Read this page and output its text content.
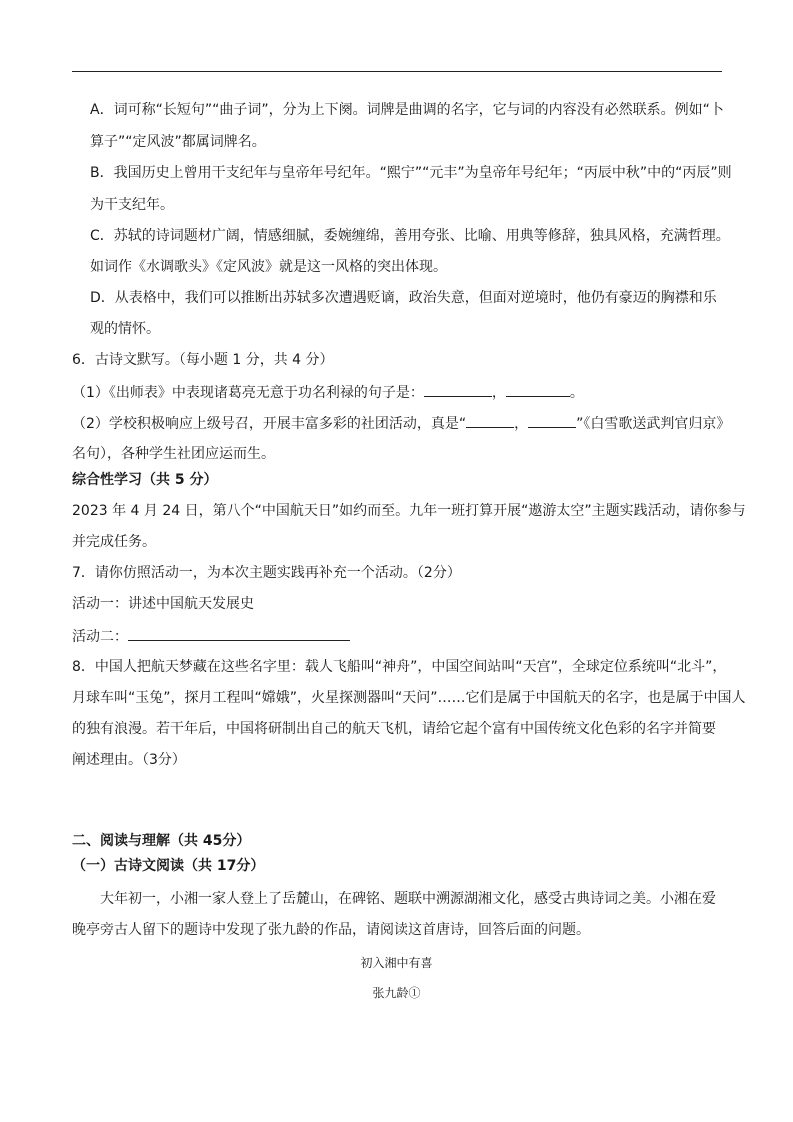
A．词可称“长短句”“曲子词”，分为上下阕。词牌是曲调的名字，它与词的内容没有必然联系。例如“卜
算子”“定风波”都属词牌名。
B．我国历史上曾用干支纪年与皇帝年号纪年。“熙宁”“元丰”为皇帝年号纪年；“丙辰中秋”中的“丙辰”则
为干支纪年。
C．苏轼的诗词题材广阔，情感细腻，委婉缠绵，善用夸张、比喻、用典等修辞，独具风格，充满哲理。
如词作《水调歌头》《定风波》就是这一风格的突出体现。
D．从表格中，我们可以推断出苏轼多次遭遇贬谪，政治失意，但面对逆境时，他仍有豪迈的胸襟和乐
观的情怀。
6．古诗文默写。（每小题 1 分，共 4 分）
（1）《出师表》中表现诸葛亮无意于功名利禄的句子是：	，	。
（2）学校积极响应上级号召，开展丰富多彩的社团活动，真是“	，	”《白雪歌送武判官归京》
名句），各种学生社团应运而生。
综合性学习（共 5 分）
2023 年 4 月 24 日，第八个“中国航天日”如约而至。九年一班打算开展“遨游太空”主题实践活动，请你参与
并完成任务。
7．请你仿照活动一，为本次主题实践再补充一个活动。（2分）
活动一：讲述中国航天发展史
活动二：
8．中国人把航天梦藏在这些名字里：载人飞船叫“神舟”，中国空间站叫“天宫”，全球定位系统叫“北斗”，
月球车叫“玉兔”，探月工程叫“嫦娥”，火星探测器叫“天问”……它们是属于中国航天的名字，也是属于中国人
的独有浪漫。若干年后，中国将研制出自己的航天飞机，请给它起个富有中国传统文化色彩的名字并简要
阐述理由。（3分）
二、阅读与理解（共 45分）
（一）古诗文阅读（共 17分）
大年初一，小湘一家人登上了岳麓山，在碑铭、题联中溯源湖湘文化，感受古典诗词之美。小湘在爱
晚亭旁古人留下的题诗中发现了张九龄的作品，请阅读这首唐诗，回答后面的问题。
初入湘中有喜
张九龄①
